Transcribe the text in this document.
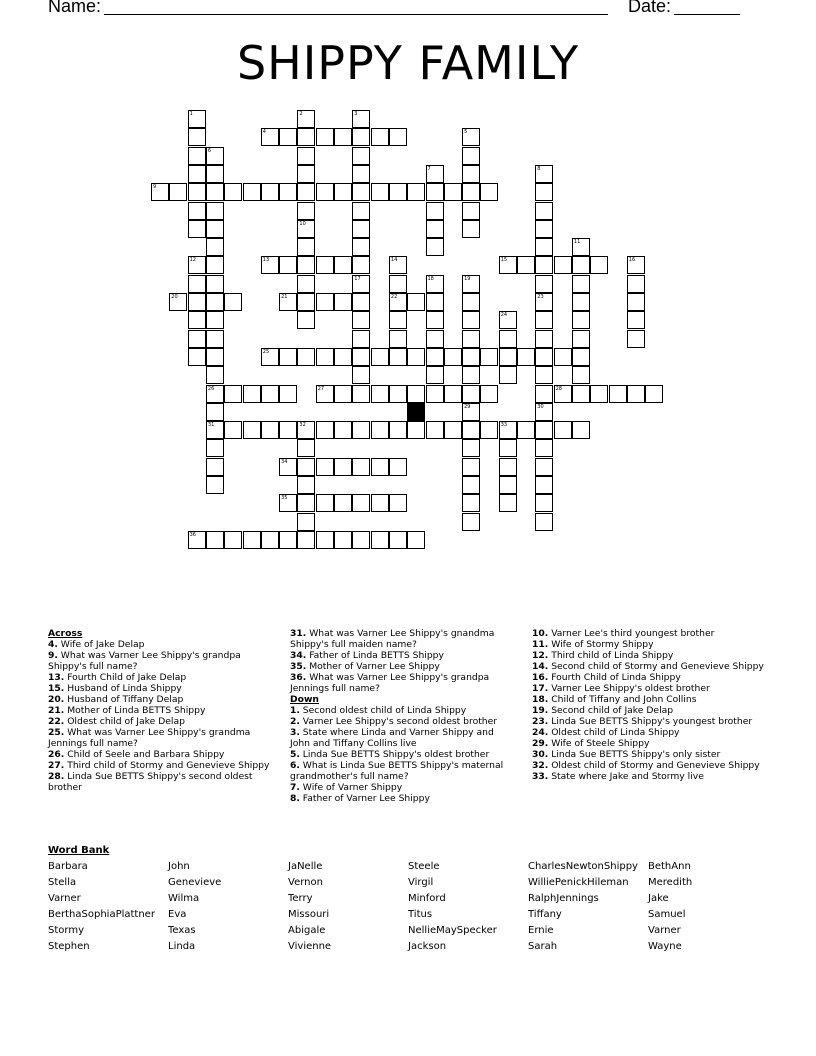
Name:	Date:
SHIPPY FAMILY
1	2	3
4	5
6
26
31
7	8
23
9
10
11
12	13	14
22
15	16
17	18	19
20	21
30
24
25
27	28
29
32	33
34
35
36
Across
4. Wife of Jake Delap
9. What was Varner Lee Shippy's grandpa Shippy's full name?
13. Fourth Child of Jake Delap
15. Husband of Linda Shippy
20. Husband of Tiffany Delap
21. Mother of Linda BETTS Shippy
22. Oldest child of Jake Delap
25. What was Varner Lee Shippy's grandma Jennings full name?
26. Child of Seele and Barbara Shippy
27. Third child of Stormy and Genevieve Shippy
28. Linda Sue BETTS Shippy's second oldest brother
31. What was Varner Lee Shippy's gnandma Shippy's full maiden name?
34. Father of Linda BETTS Shippy
35. Mother of Varner Lee Shippy
36. What was Varner Lee Shippy's grandpa Jennings full name?
Down
1. Second oldest child of Linda Shippy
2. Varner Lee Shippy's second oldest brother
3. State where Linda and Varner Shippy and John and Tiffany Collins live
5. Linda Sue BETTS Shippy's oldest brother
6. What is Linda Sue BETTS Shippy's maternal grandmother's full name?
7. Wife of Varner Shippy
8. Father of Varner Lee Shippy
10. Varner Lee's third youngest brother
11. Wife of Stormy Shippy
12. Third child of Linda Shippy
14. Second child of Stormy and Genevieve Shippy
16. Fourth Child of Linda Shippy
17. Varner Lee Shippy's oldest brother
18. Child of Tiffany and John Collins
19. Second child of Jake Delap
23. Linda Sue BETTS Shippy's youngest brother
24. Oldest child of Linda Shippy
29. Wife of Steele Shippy
30. Linda Sue BETTS Shippy's only sister
32. Oldest child of Stormy and Genevieve Shippy
33. State where Jake and Stormy live
Word Bank
Barbara
Stella
Varner
BerthaSophiaPlattner
Stormy
Stephen
John
Genevieve
Wilma
Eva
Texas
Linda
JaNelle
Vernon
Terry
Missouri
Abigale
Vivienne
Steele
Virgil
Minford
Titus
NellieMaySpecker
Jackson
CharlesNewtonShippy
WilliePenickHileman
RalphJennings
Tiffany
Ernie
Sarah
BethAnn
Meredith
Jake
Samuel
Varner
Wayne
